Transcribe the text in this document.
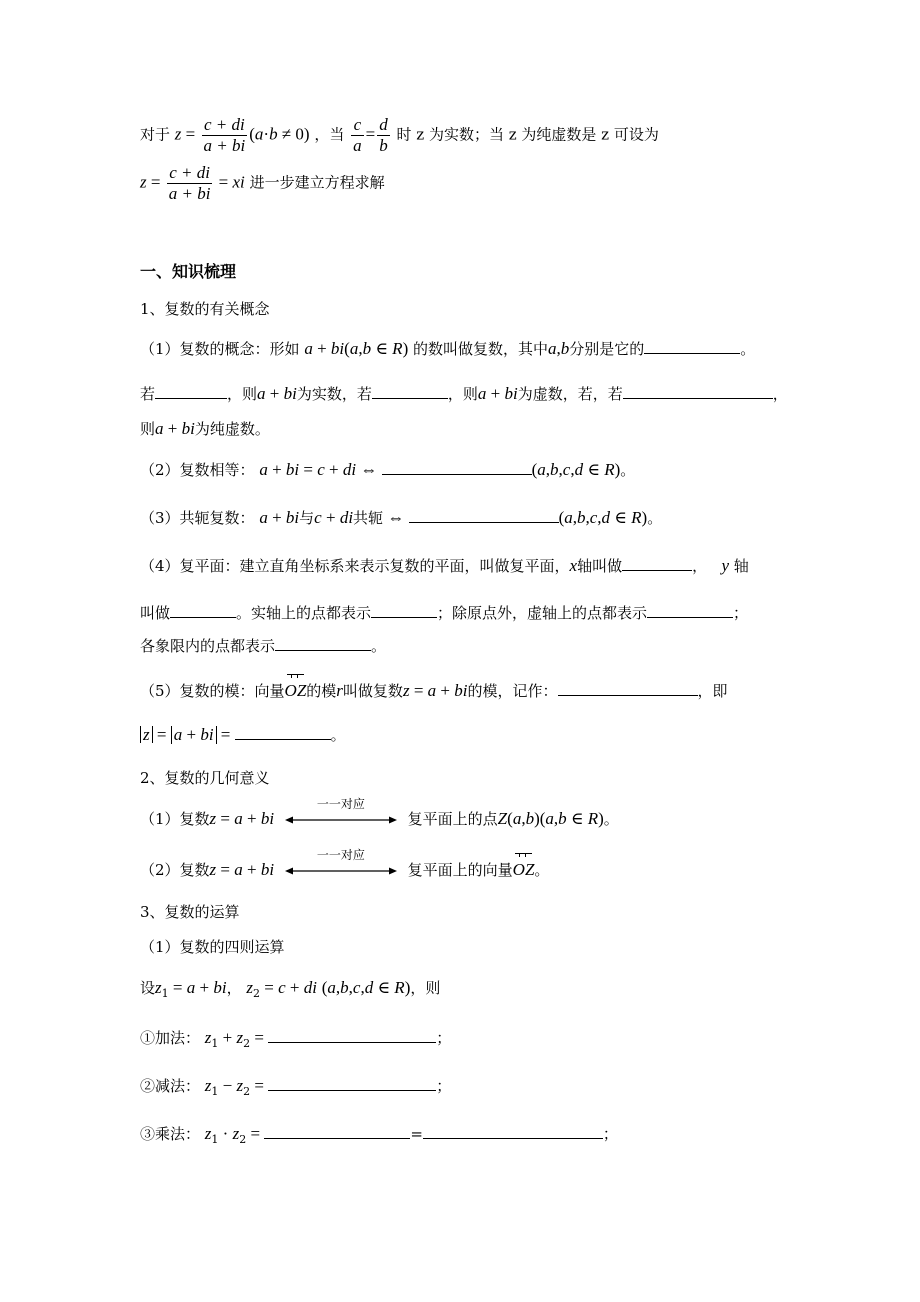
对于 $z = \frac{c + di}{a + bi} (a\cdot b \ne 0)$ ，当 $\frac{c}{a} = \frac{d}{b}$ 时 z 为实数；当 z 为纯虚数是 z 可设为
$z = \frac{c + di}{a + bi}$ = xi 进一步建立方程求解
一、知识梳理
1、复数的有关概念
（1）复数的概念：形如 a + bi(a,b ∈ R) 的数叫做复数，其中a,b分别是它的	。
若	，则a + bi为实数，若	，则a + bi为虚数，若，若	，
则a + bi为纯虚数。
（2）复数相等： a + bi = c + di ⇔	(a,b,c,d ∈ R)。
（3）共轭复数： a + bi与c + di共轭 ⇔	(a,b,c,d ∈ R)。
（4）复平面：建立直角坐标系来表示复数的平面，叫做复平面，x轴叫做	， y 轴
叫做	。实轴上的点都表示	；除原点外，虚轴上的点都表示	；
各象限内的点都表示	。
（5）复数的模：向量
OZ的模r叫做复数z = a + bi的模，记作：	，即
z = a + bi =	。
2、复数的几何意义
（1）复数z = a + bi
一一对应
复平面上的点Z(a,b)(a,b ∈ R)。
（2）复数z = a + bi
一一对应
复平面上的向量
OZ。
3、复数的运算
（1）复数的四则运算
设$z_1 = a$ + bi， $z_2 = c$ + di (a,b,c,d ∈ R)，则
①加法： $z_1 + z_2$ =	；
②减法： $z_1 - z_2$ =	；
③乘法： $z_1 \cdot z_2$ =	=	；
